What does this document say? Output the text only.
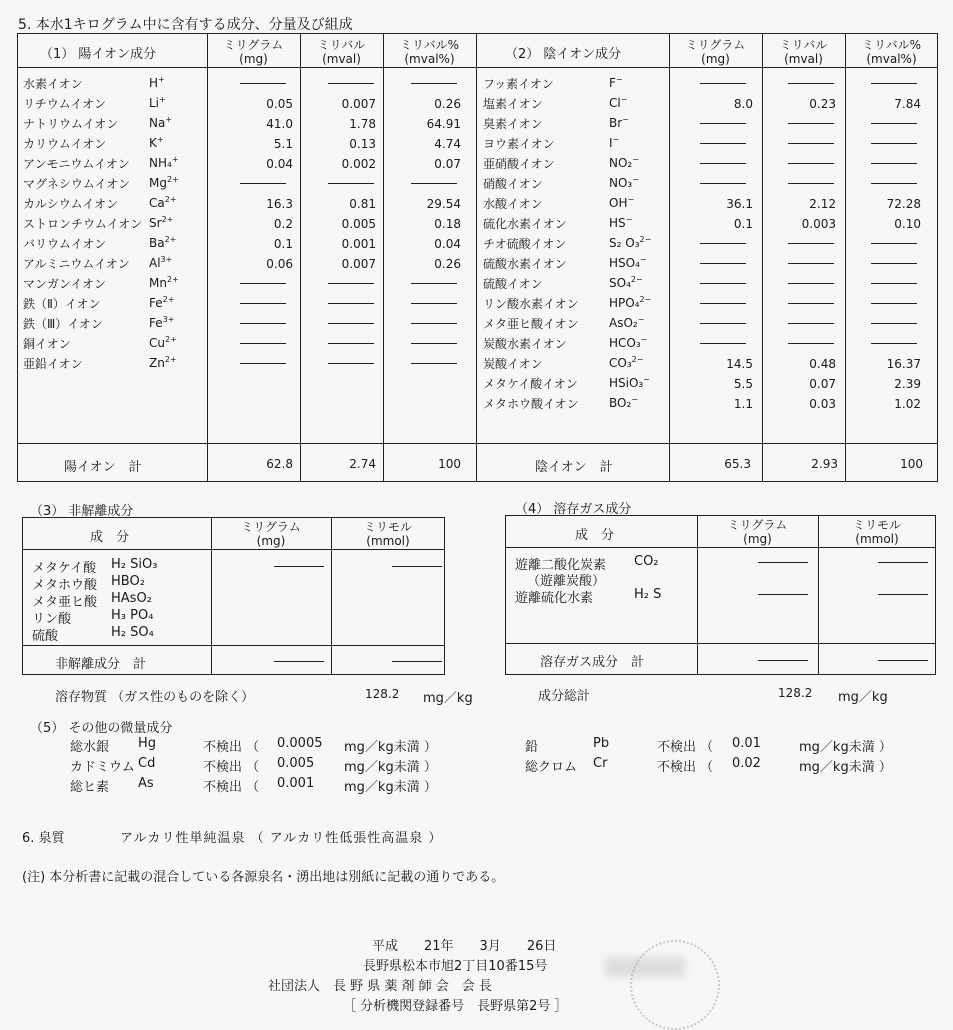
5. 本水1キログラム中に含有する成分、分量及び組成
（1） 陽イオン成分
ミリグラム
(mg)
ミリバル
(mval)
ミリバル%
(mval%)	（2） 陰イオン成分
ミリグラム
(mg)
ミリバル
(mval)
ミリバル%
(mval%)
水素イオン	H+
リチウムイオン	Li+	0.05	0.007	0.26
ナトリウムイオン	Na+	41.0	1.78	64.91
カリウムイオン	K+	5.1	0.13	4.74
アンモニウムイオン NH₄+	0.04	0.002	0.07
マグネシウムイオン $Mg^{2+}$
カルシウムイオン	$Ca^{2+}$	16.3	0.81	29.54
ストロンチウムイオン $Sr^{2+}$	0.2	0.005	0.18
バリウムイオン	$Ba^{2+}$	0.1	0.001	0.04
アルミニウムイオン $Al^{3+}$	0.06	0.007	0.26
マンガンイオン	$Mn^{2+}$
鉄（Ⅱ）イオン	$Fe^{2+}$
鉄（Ⅲ）イオン	$Fe^{3+}$
銅イオン	$Cu^{2+}$
亜鉛イオン	$Zn^{2+}$
フッ素イオン	F−
塩素イオン	Cl−	8.0	0.23	7.84
臭素イオン	Br−
ヨウ素イオン	I−
亜硝酸イオン	NO₂−
硝酸イオン	NO₃−
水酸イオン	OH−	36.1	2.12	72.28
硫化水素イオン	HS−	0.1	0.003	0.10
チオ硫酸イオン	S₂ O₃$^{2-}$
硫酸水素イオン	HSO₄−
硫酸イオン	SO₄$^{2-}$
リン酸水素イオン	HPO₄$^{2-}$
メタ亜ヒ酸イオン	AsO₂−
炭酸水素イオン	HCO₃−
炭酸イオン	CO₃$^{2-}$	14.5	0.48	16.37
メタケイ酸イオン	HSiO₃−	5.5	0.07	2.39
メタホウ酸イオン	BO₂−	1.1	0.03	1.02
陽イオン　計	62.8	2.74	100	陰イオン　計	65.3	2.93	100
（3） 非解離成分
成　分
ミリグラム
(mg)
ミリモル
(mmol)
メタケイ酸 H₂ SiO₃
メタホウ酸 HBO₂
メタ亜ヒ酸 HAsO₂
リン酸	H₃ PO₄
硫酸	H₂ SO₄
非解離成分　計
（4） 溶存ガス成分
成　分
ミリグラム
(mg)
ミリモル
(mmol)
遊離二酸化炭素 CO₂
（遊離炭酸）
遊離硫化水素	H₂ S
溶存ガス成分　計
溶存物質 （ガス性のものを除く）	128.2 mg／kg	成分総計	128.2 mg／kg
（5） その他の微量成分
総水銀 Hg	不検出 （ 0.0005 mg／kg未満 ）
カドミウム Cd	不検出 （ 0.005 mg／kg未満 ）
総ヒ素 As	不検出 （ 0.001 mg／kg未満 ）
鉛	Pb	不検出 （ 0.01	mg／kg未満 ）
総クロム Cr	不検出 （ 0.02	mg／kg未満 ）
6. 泉質	アルカリ性単純温泉 （ アルカリ性低張性高温泉 ）
(注) 本分析書に記載の混合している各源泉名・湧出地は別紙に記載の通りである。
平成　　21年　　3月　　26日
長野県松本市旭2丁目10番15号
社団法人　長 野 県 薬 剤 師 会　会 長
［ 分析機関登録番号　長野県第2号 ］
